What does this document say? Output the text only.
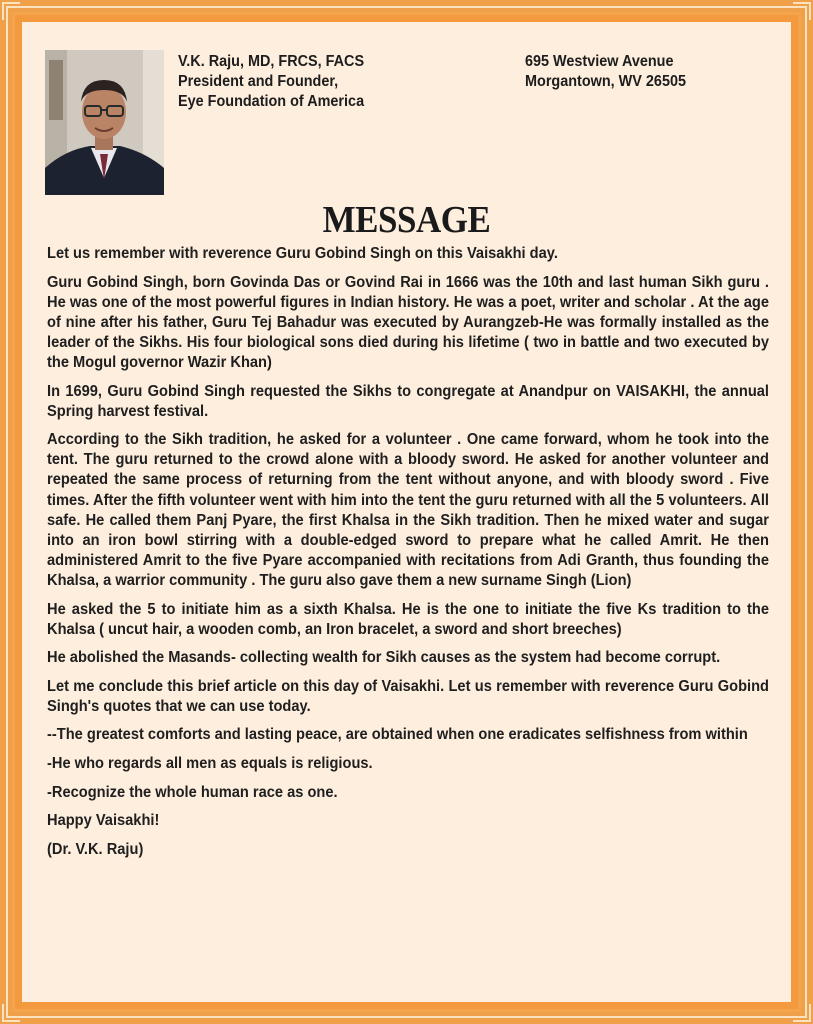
V.K. Raju, MD, FRCS, FACS
President and Founder,
Eye Foundation of America
695 Westview Avenue
Morgantown, WV 26505
MESSAGE

Let us remember with reverence Guru Gobind Singh on this Vaisakhi day.

Guru Gobind Singh, born Govinda Das or Govind Rai in 1666 was the 10th and last human Sikh guru . He was one of the most powerful figures in Indian history. He was a poet, writer and scholar . At the age of nine after his father, Guru Tej Bahadur was executed by Aurangzeb-He was formally installed as the leader of the Sikhs. His four biological sons died during his lifetime ( two in battle and two executed by the Mogul governor Wazir Khan)

In 1699, Guru Gobind Singh requested the Sikhs to congregate at Anandpur on VAISAKHI, the annual Spring harvest festival.

According to the Sikh tradition, he asked for a volunteer . One came forward, whom he took into the tent. The guru returned to the crowd alone with a bloody sword. He asked for another volunteer and repeated the same process of returning from the tent without anyone, and with bloody sword . Five times. After the fifth volunteer went with him into the tent the guru returned with all the 5 volunteers. All safe. He called them Panj Pyare, the first Khalsa in the Sikh tradition. Then he mixed water and sugar into an iron bowl stirring with a double-edged sword to prepare what he called Amrit. He then administered Amrit to the five Pyare accompanied with recitations from Adi Granth, thus founding the Khalsa, a warrior community . The guru also gave them a new surname Singh (Lion)

He asked the 5 to initiate him as a sixth Khalsa. He is the one to initiate the five Ks tradition to the Khalsa ( uncut hair, a wooden comb, an Iron bracelet, a sword and short breeches)

He abolished the Masands- collecting wealth for Sikh causes as the system had become corrupt.

Let me conclude this brief article on this day of Vaisakhi. Let us remember with reverence Guru Gobind Singh's quotes that we can use today.

--The greatest comforts and lasting peace, are obtained when one eradicates selfishness from within

-He who regards all men as equals is religious.

-Recognize the whole human race as one.

Happy Vaisakhi!

(Dr. V.K. Raju)
